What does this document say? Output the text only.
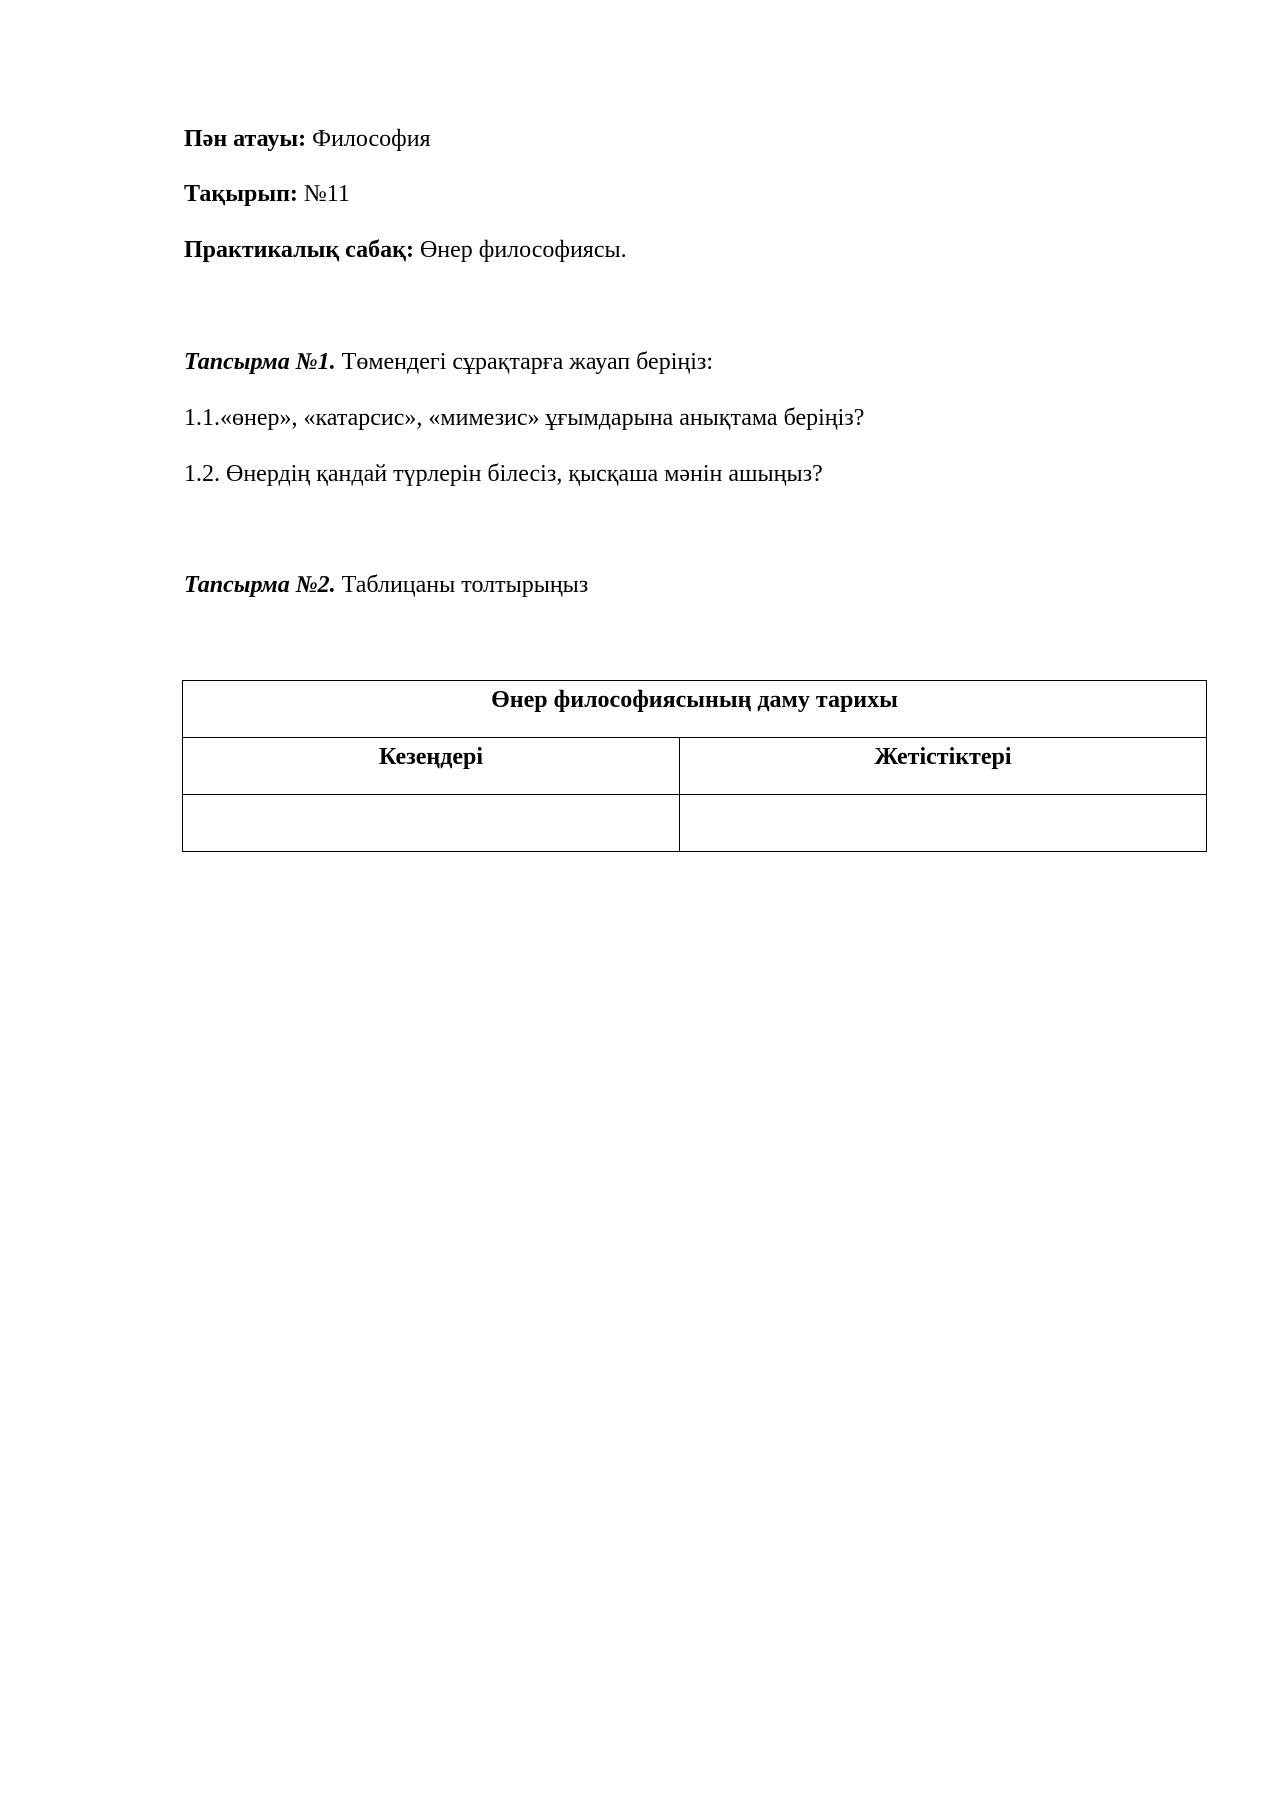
Пән атауы: Философия
Тақырып: №11
Практикалық сабақ: Өнер философиясы.
Тапсырма №1. Төмендегі сұрақтарға жауап беріңіз:
1.1.«өнер», «катарсис», «мимезис» ұғымдарына анықтама беріңіз?
1.2. Өнердің қандай түрлерін білесіз, қысқаша мәнін ашыңыз?
Тапсырма №2. Таблицаны толтырыңыз
Өнер философиясының даму тарихы	

Кезеңдері	Жетістіктері
